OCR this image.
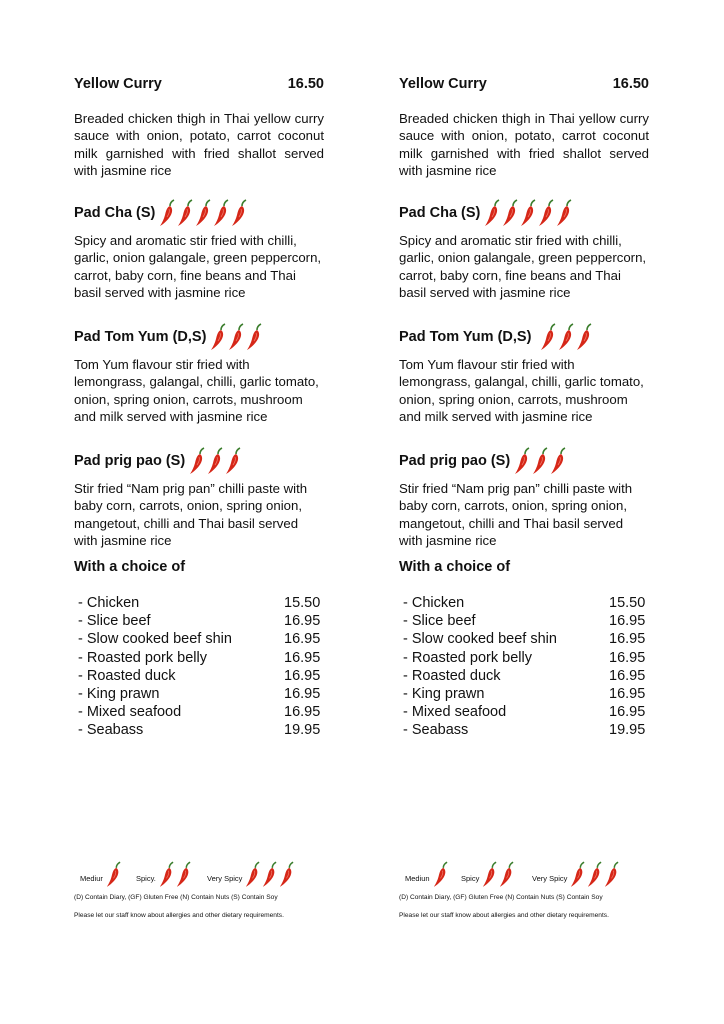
Yellow Curry	16.50
Breaded chicken thigh in Thai yellow curry sauce with onion, potato, carrot coconut milk garnished with fried shallot served with jasmine rice
Pad Cha (S)
Spicy and aromatic stir fried with chilli, garlic, onion galangale, green peppercorn, carrot, baby corn, fine beans and Thai basil served with jasmine rice
Pad Tom Yum (D,S)
Tom Yum flavour stir fried with lemongrass, galangal, chilli, garlic tomato, onion, spring onion, carrots, mushroom and milk served with jasmine rice
Pad prig pao (S)
Stir fried “Nam prig pan” chilli paste with baby corn, carrots, onion, spring onion, mangetout, chilli and Thai basil served with jasmine rice
With a choice of
- Chicken	15.50
- Slice beef	16.95
- Slow cooked beef shin	16.95
- Roasted pork belly	16.95
- Roasted duck	16.95
- King prawn	16.95
- Mixed seafood	16.95
- Seabass	19.95
Mediur	Spicy.	Very Spicy
(D) Contain Diary, (GF) Gluten Free (N) Contain Nuts (S) Contain Soy
Please let our staff know about allergies and other dietary requirements.
Yellow Curry	16.50
Breaded chicken thigh in Thai yellow curry sauce with onion, potato, carrot coconut milk garnished with fried shallot served with jasmine rice
Pad Cha (S)
Spicy and aromatic stir fried with chilli, garlic, onion galangale, green peppercorn, carrot, baby corn, fine beans and Thai basil served with jasmine rice
Pad Tom Yum (D,S)
Tom Yum flavour stir fried with lemongrass, galangal, chilli, garlic tomato, onion, spring onion, carrots, mushroom and milk served with jasmine rice
Pad prig pao (S)
Stir fried “Nam prig pan” chilli paste with baby corn, carrots, onion, spring onion, mangetout, chilli and Thai basil served with jasmine rice
With a choice of
- Chicken	15.50
- Slice beef	16.95
- Slow cooked beef shin	16.95
- Roasted pork belly	16.95
- Roasted duck	16.95
- King prawn	16.95
- Mixed seafood	16.95
- Seabass	19.95
Mediun	Spicy	Very Spicy
(D) Contain Diary, (GF) Gluten Free (N) Contain Nuts (S) Contain Soy
Please let our staff know about allergies and other dietary requirements.
